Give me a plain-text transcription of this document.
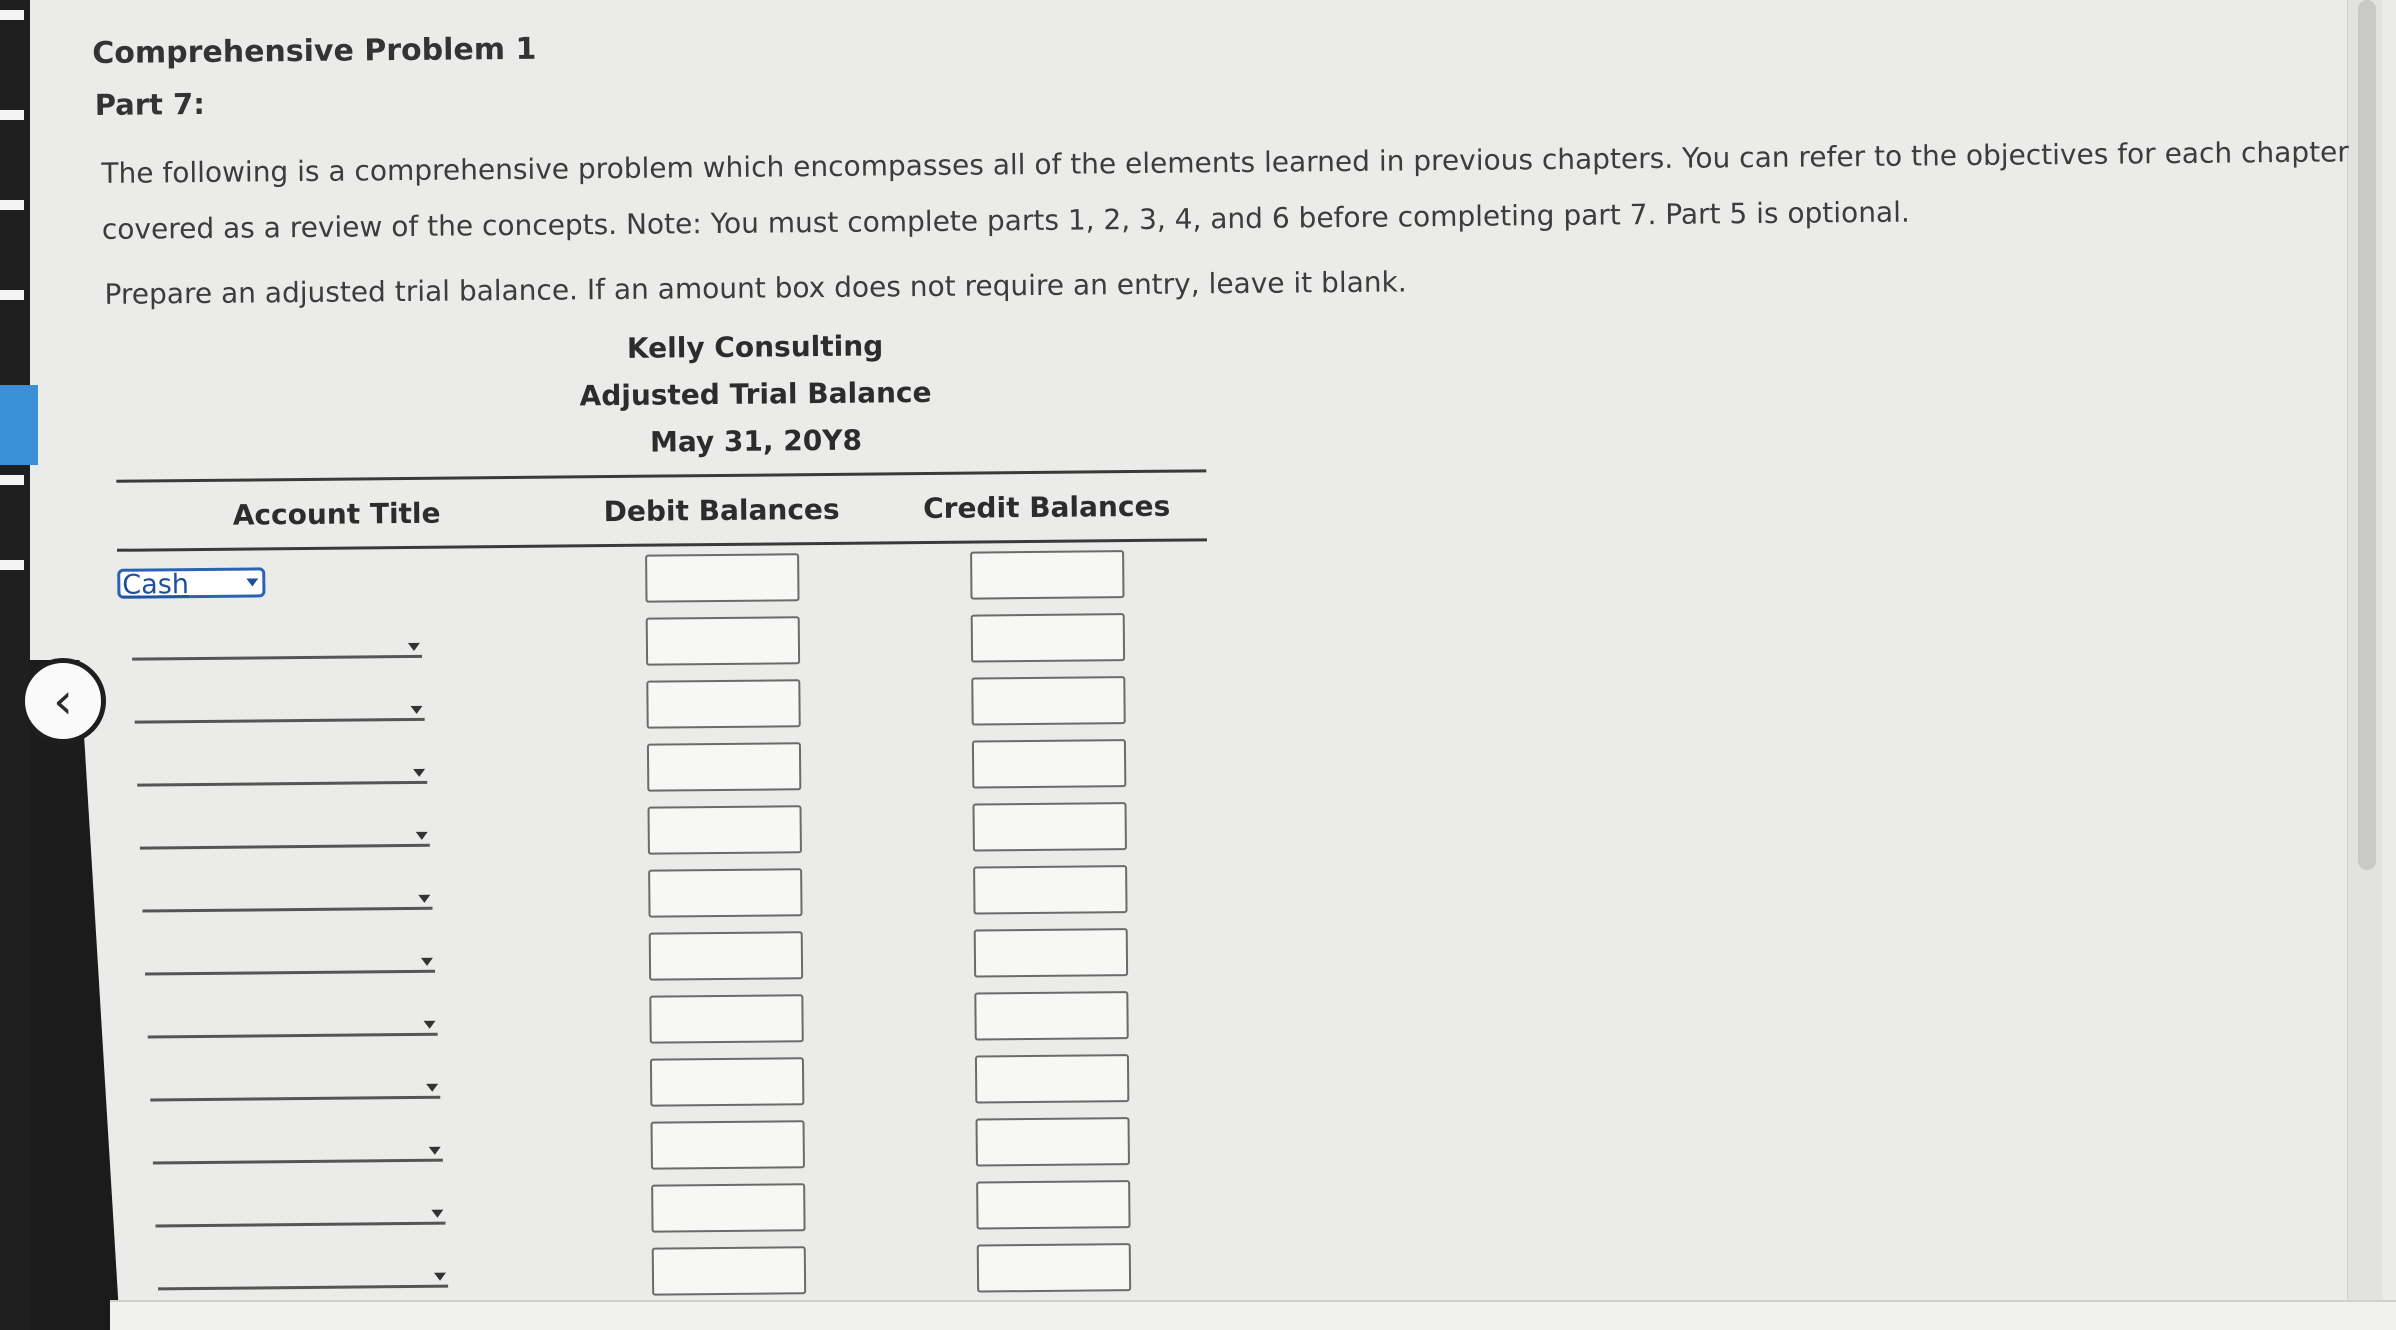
‹
Comprehensive Problem 1
Part 7:
The following is a comprehensive problem which encompasses all of the elements learned in previous chapters. You can refer to the objectives for each chapter covered as a review of the concepts. Note: You must complete parts 1, 2, 3, 4, and 6 before completing part 7. Part 5 is optional.
Prepare an adjusted trial balance. If an amount box does not require an entry, leave it blank.
Kelly Consulting
Adjusted Trial Balance
May 31, 20Y8
Account Title	Debit Balances	Credit Balances
Cash
